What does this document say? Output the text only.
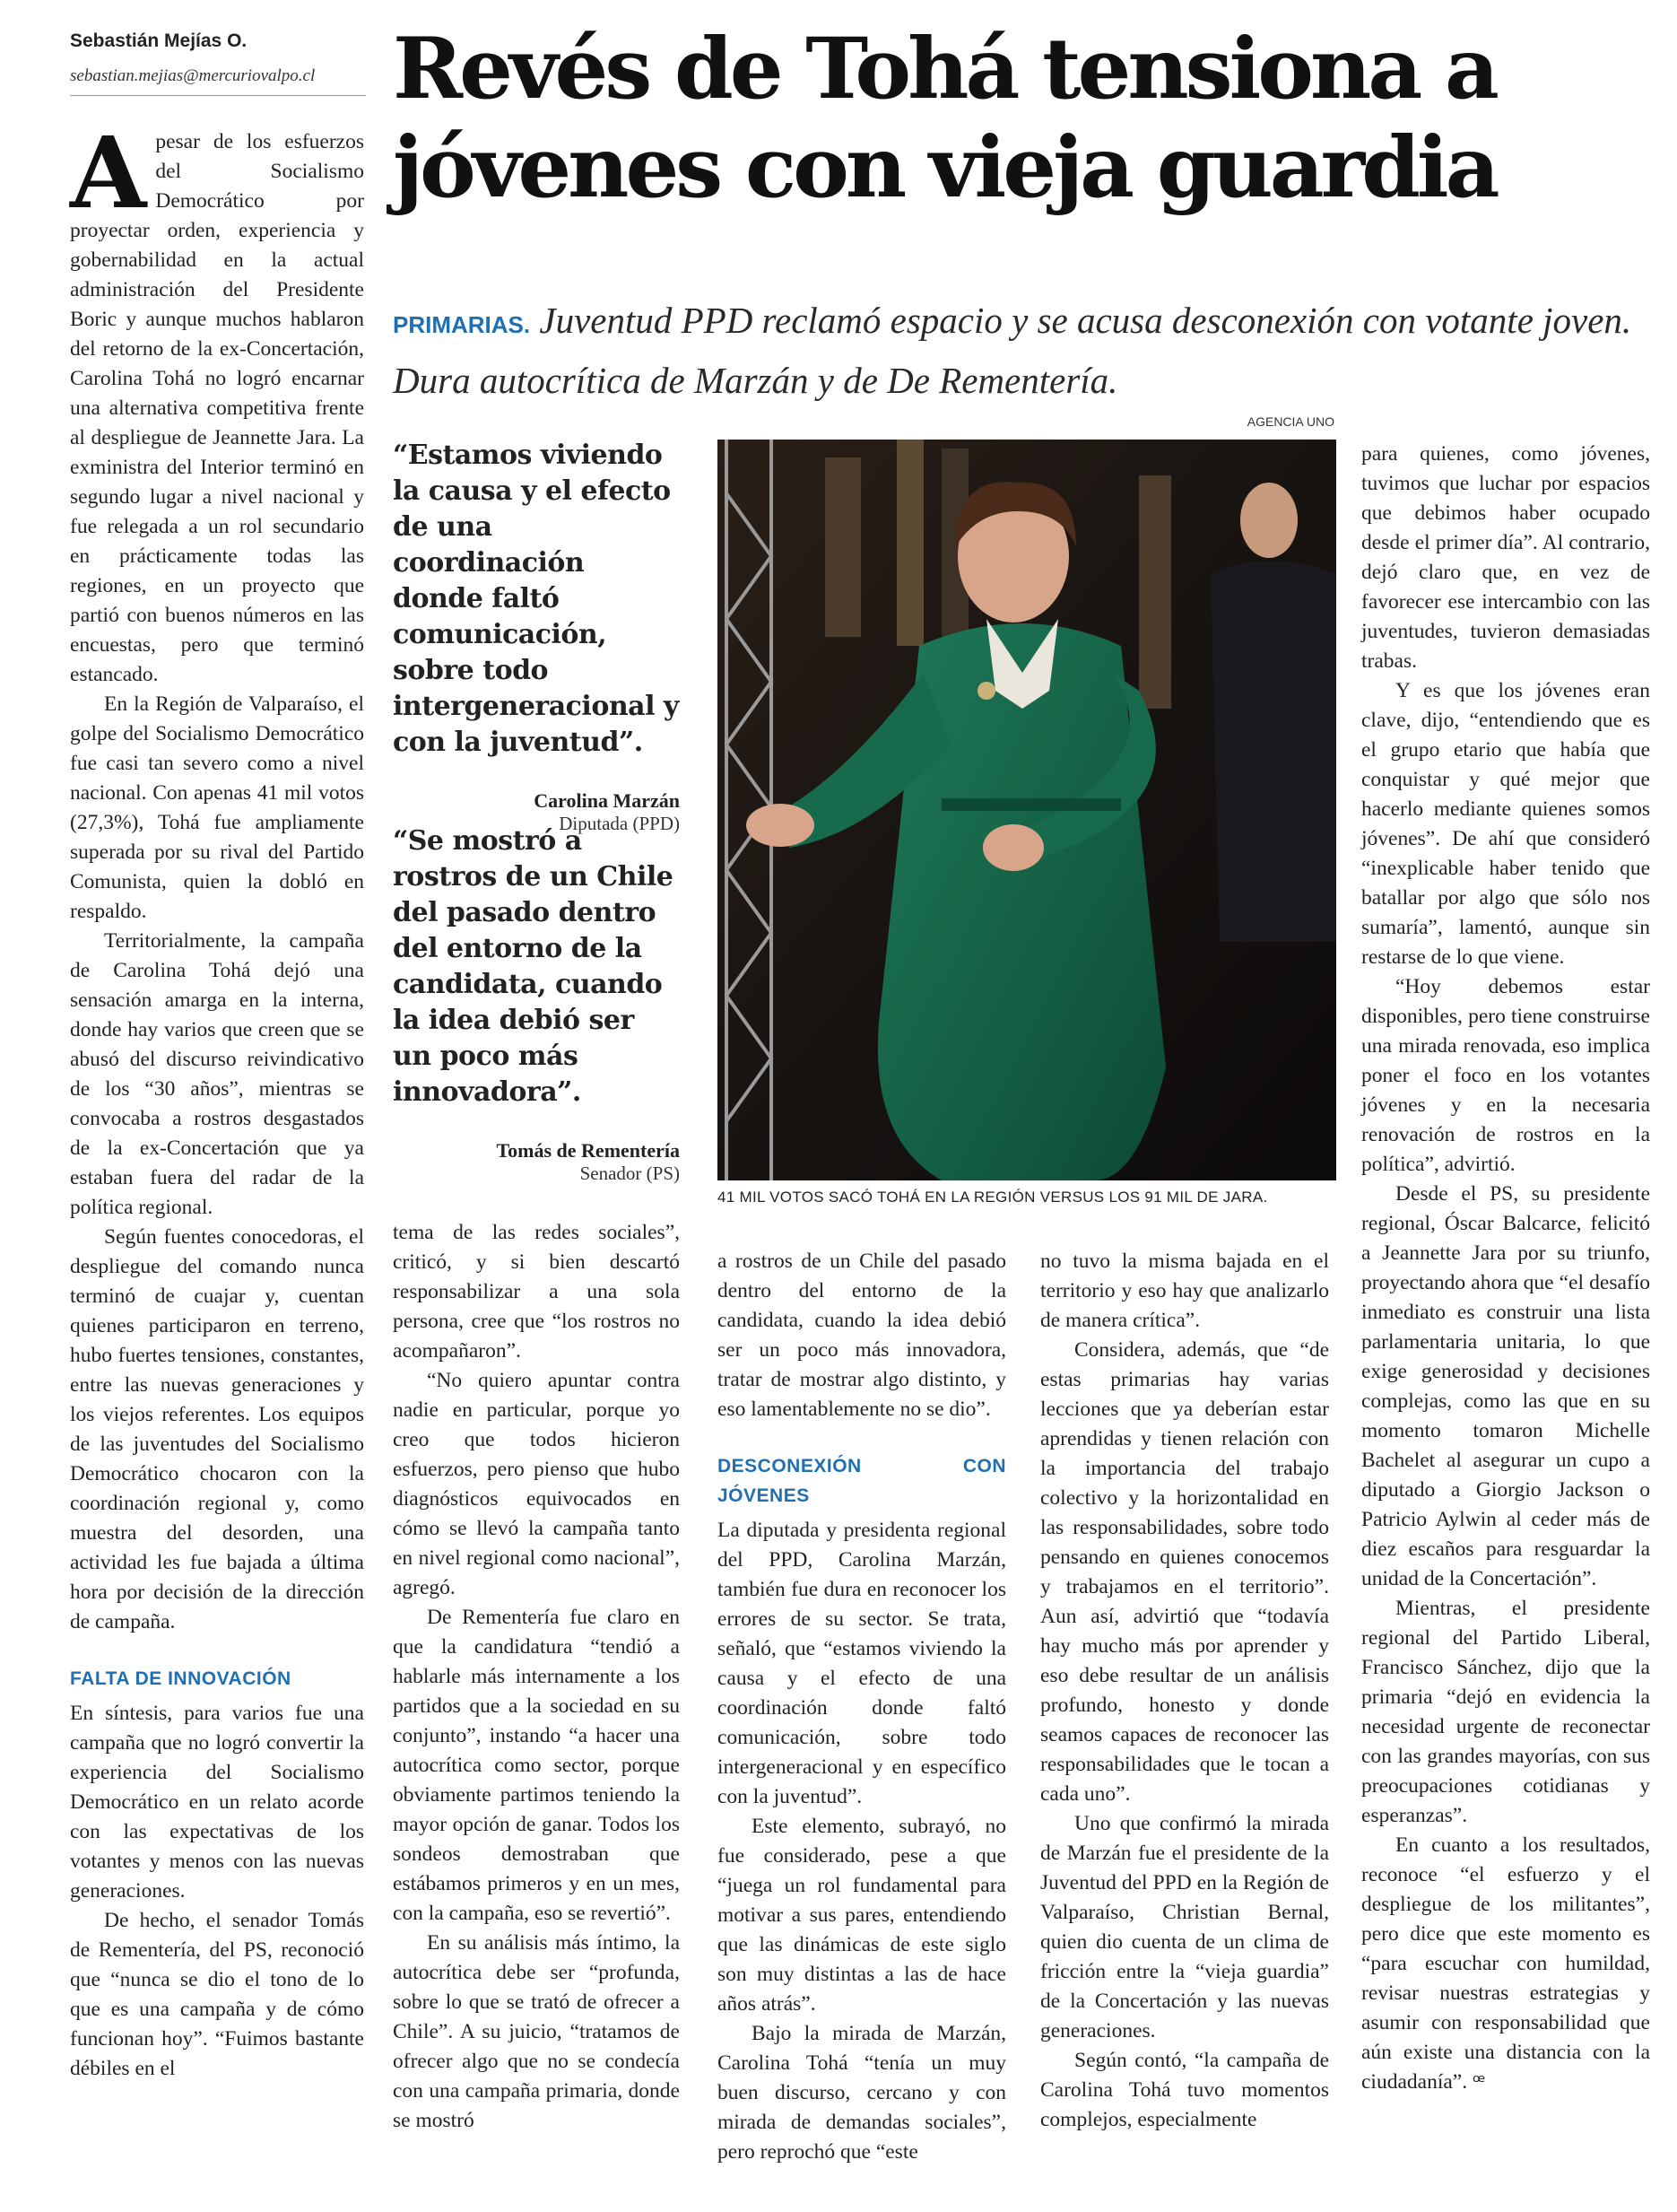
Sebastián Mejías O.
sebastian.mejias@mercuriovalpo.cl Revés de Tohá tensiona a jóvenes con vieja guardia
PRIMARIAS. Juventud PPD reclamó espacio y se acusa desconexión con votante joven. Dura autocrítica de Marzán y de De Rementería.

Apesar de los esfuerzos del Socialismo Democrático por proyectar orden, experiencia y gobernabilidad en la actual administración del Presidente Boric y aunque muchos hablaron del retorno de la ex-Concertación, Carolina Tohá no logró encarnar una alternativa competitiva frente al despliegue de Jeannette Jara. La exministra del Interior terminó en segundo lugar a nivel nacional y fue relegada a un rol secundario en prácticamente todas las regiones, en un proyecto que partió con buenos números en las encuestas, pero que terminó estancado.

En la Región de Valparaíso, el golpe del Socialismo Democrático fue casi tan severo como a nivel nacional. Con apenas 41 mil votos (27,3%), Tohá fue ampliamente superada por su rival del Partido Comunista, quien la dobló en respaldo.

Territorialmente, la campaña de Carolina Tohá dejó una sensación amarga en la interna, donde hay varios que creen que se abusó del discurso reivindicativo de los “30 años”, mientras se convocaba a rostros desgastados de la ex-Concertación que ya estaban fuera del radar de la política regional.

Según fuentes conocedoras, el despliegue del comando nunca terminó de cuajar y, cuentan quienes participaron en terreno, hubo fuertes tensiones, constantes, entre las nuevas generaciones y los viejos referentes. Los equipos de las juventudes del Socialismo Democrático chocaron con la coordinación regional y, como muestra del desorden, una actividad les fue bajada a última hora por decisión de la dirección de campaña.

FALTA DE INNOVACIÓN

En síntesis, para varios fue una campaña que no logró convertir la experiencia del Socialismo Democrático en un relato acorde con las expectativas de los votantes y menos con las nuevas generaciones.

De hecho, el senador Tomás de Rementería, del PS, reconoció que “nunca se dio el tono de lo que es una campaña y de cómo funcionan hoy”. “Fuimos bastante débiles en el

“Estamos viviendo la causa y el efecto de una coordinación donde faltó comunicación, sobre todo intergeneracional y con la juventud”.
Carolina Marzán
Diputada (PPD)
“Se mostró a rostros de un Chile del pasado dentro del entorno de la candidata, cuando la idea debió ser un poco más innovadora”.
Tomás de Rementería
Senador (PS)
AGENCIA UNO
41 MIL VOTOS SACÓ TOHÁ EN LA REGIÓN VERSUS LOS 91 MIL DE JARA.

tema de las redes sociales”, criticó, y si bien descartó responsabilizar a una sola persona, cree que “los rostros no acompañaron”.

“No quiero apuntar contra nadie en particular, porque yo creo que todos hicieron esfuerzos, pero pienso que hubo diagnósticos equivocados en cómo se llevó la campaña tanto en nivel regional como nacional”, agregó.

De Rementería fue claro en que la candidatura “tendió a hablarle más internamente a los partidos que a la sociedad en su conjunto”, instando “a hacer una autocrítica como sector, porque obviamente partimos teniendo la mayor opción de ganar. Todos los sondeos demostraban que estábamos primeros y en un mes, con la campaña, eso se revertió”.

En su análisis más íntimo, la autocrítica debe ser “profunda, sobre lo que se trató de ofrecer a Chile”. A su juicio, “tratamos de ofrecer algo que no se condecía con una campaña primaria, donde se mostró

a rostros de un Chile del pasado dentro del entorno de la candidata, cuando la idea debió ser un poco más innovadora, tratar de mostrar algo distinto, y eso lamentablemente no se dio”.

DESCONEXIÓN CON JÓVENES

La diputada y presidenta regional del PPD, Carolina Marzán, también fue dura en reconocer los errores de su sector. Se trata, señaló, que “estamos viviendo la causa y el efecto de una coordinación donde faltó comunicación, sobre todo intergeneracional y en específico con la juventud”.

Este elemento, subrayó, no fue considerado, pese a que “juega un rol fundamental para motivar a sus pares, entendiendo que las dinámicas de este siglo son muy distintas a las de hace años atrás”.

Bajo la mirada de Marzán, Carolina Tohá “tenía un muy buen discurso, cercano y con mirada de demandas sociales”, pero reprochó que “este

no tuvo la misma bajada en el territorio y eso hay que analizarlo de manera crítica”.

Considera, además, que “de estas primarias hay varias lecciones que ya deberían estar aprendidas y tienen relación con la importancia del trabajo colectivo y la horizontalidad en las responsabilidades, sobre todo pensando en quienes conocemos y trabajamos en el territorio”. Aun así, advirtió que “todavía hay mucho más por aprender y eso debe resultar de un análisis profundo, honesto y donde seamos capaces de reconocer las responsabilidades que le tocan a cada uno”.

Uno que confirmó la mirada de Marzán fue el presidente de la Juventud del PPD en la Región de Valparaíso, Christian Bernal, quien dio cuenta de un clima de fricción entre la “vieja guardia” de la Concertación y las nuevas generaciones.

Según contó, “la campaña de Carolina Tohá tuvo momentos complejos, especialmente

para quienes, como jóvenes, tuvimos que luchar por espacios que debimos haber ocupado desde el primer día”. Al contrario, dejó claro que, en vez de favorecer ese intercambio con las juventudes, tuvieron demasiadas trabas.

Y es que los jóvenes eran clave, dijo, “entendiendo que es el grupo etario que había que conquistar y qué mejor que hacerlo mediante quienes somos jóvenes”. De ahí que consideró “inexplicable haber tenido que batallar por algo que sólo nos sumaría”, lamentó, aunque sin restarse de lo que viene.

“Hoy debemos estar disponibles, pero tiene construirse una mirada renovada, eso implica poner el foco en los votantes jóvenes y en la necesaria renovación de rostros en la política”, advirtió.

Desde el PS, su presidente regional, Óscar Balcarce, felicitó a Jeannette Jara por su triunfo, proyectando ahora que “el desafío inmediato es construir una lista parlamentaria unitaria, lo que exige generosidad y decisiones complejas, como las que en su momento tomaron Michelle Bachelet al asegurar un cupo a diputado a Giorgio Jackson o Patricio Aylwin al ceder más de diez escaños para resguardar la unidad de la Concertación”.

Mientras, el presidente regional del Partido Liberal, Francisco Sánchez, dijo que la primaria “dejó en evidencia la necesidad urgente de reconectar con las grandes mayorías, con sus preocupaciones cotidianas y esperanzas”.

En cuanto a los resultados, reconoce “el esfuerzo y el despliegue de los militantes”, pero dice que este momento es “para escuchar con humildad, revisar nuestras estrategias y asumir con responsabilidad que aún existe una distancia con la ciudadanía”. ꟹ
